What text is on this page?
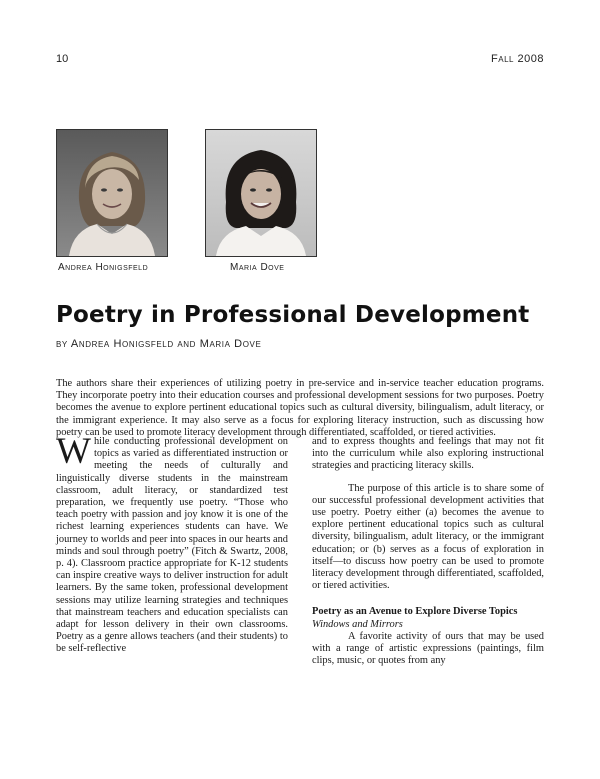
10	Fall 2008
Andrea Honigsfeld	Maria Dove
Poetry in Professional Development
by Andrea Honigsfeld and Maria Dove
The authors share their experiences of utilizing poetry in pre-service and in-service teacher education programs. They incorporate poetry into their education courses and professional development sessions for two purposes. Poetry becomes the avenue to explore pertinent educational topics such as cultural diversity, bilingualism, adult literacy, or the immigrant experience. It may also serve as a focus for exploring literacy instruction, such as discussing how poetry can be used to promote literacy development through differentiated, scaffolded, or tiered activities.

While conducting professional development on topics as varied as differentiated instruction or meeting the needs of culturally and linguistically diverse students in the mainstream classroom, adult literacy, or standardized test preparation, we frequently use poetry. “Those who teach poetry with passion and joy know it is one of the richest learning experiences students can have. We journey to worlds and peer into spaces in our hearts and minds and soul through poetry” (Fitch & Swartz, 2008, p. 4). Classroom practice appropriate for K-12 students can inspire creative ways to deliver instruction for adult learners. By the same token, professional development sessions may utilize learning strategies and techniques that mainstream teachers and education specialists can adapt for lesson delivery in their own classrooms. Poetry as a genre allows teachers (and their students) to be self-reflective

and to express thoughts and feelings that may not fit into the curriculum while also exploring instructional strategies and practicing literacy skills.

The purpose of this article is to share some of our successful professional development activities that use poetry. Poetry either (a) becomes the avenue to explore pertinent educational topics such as cultural diversity, bilingualism, adult literacy, or the immigrant education; or (b) serves as a focus of exploration in itself—to discuss how poetry can be used to promote literacy development through differentiated, scaffolded, or tiered activities.

Poetry as an Avenue to Explore Diverse Topics

Windows and Mirrors

A favorite activity of ours that may be used with a range of artistic expressions (paintings, film clips, music, or quotes from any
